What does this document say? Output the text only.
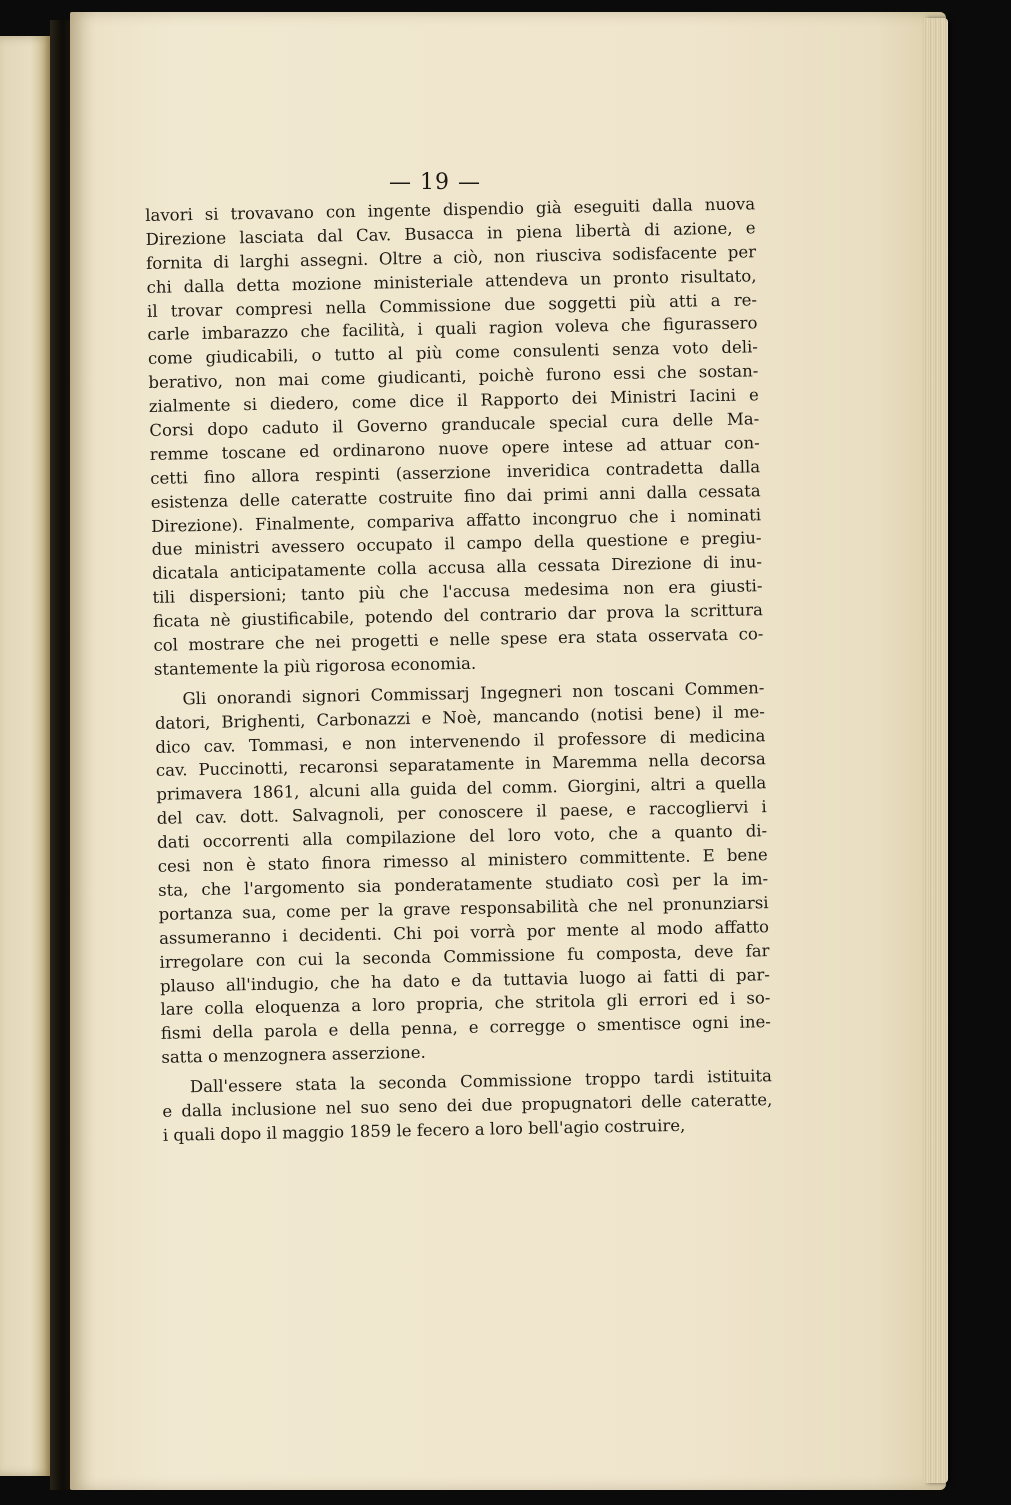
— 19 —
lavori si trovavano con ingente dispendio già eseguiti dalla nuova
Direzione lasciata dal Cav. Busacca in piena libertà di azione, e
fornita di larghi assegni. Oltre a ciò, non riusciva sodisfacente per
chi dalla detta mozione ministeriale attendeva un pronto risultato,
il trovar compresi nella Commissione due soggetti più atti a re-
carle imbarazzo che facilità, i quali ragion voleva che figurassero
come giudicabili, o tutto al più come consulenti senza voto deli-
berativo, non mai come giudicanti, poichè furono essi che sostan-
zialmente si diedero, come dice il Rapporto dei Ministri Iacini e
Corsi dopo caduto il Governo granducale special cura delle Ma-
remme toscane ed ordinarono nuove opere intese ad attuar con-
cetti fino allora respinti (asserzione inveridica contradetta dalla
esistenza delle cateratte costruite fino dai primi anni dalla cessata
Direzione). Finalmente, compariva affatto incongruo che i nominati
due ministri avessero occupato il campo della questione e pregiu-
dicatala anticipatamente colla accusa alla cessata Direzione di inu-
tili dispersioni; tanto più che l'accusa medesima non era giusti-
ficata nè giustificabile, potendo del contrario dar prova la scrittura
col mostrare che nei progetti e nelle spese era stata osservata co-
stantemente la più rigorosa economia.
Gli onorandi signori Commissarj Ingegneri non toscani Commen-
datori, Brighenti, Carbonazzi e Noè, mancando (notisi bene) il me-
dico cav. Tommasi, e non intervenendo il professore di medicina
cav. Puccinotti, recaronsi separatamente in Maremma nella decorsa
primavera 1861, alcuni alla guida del comm. Giorgini, altri a quella
del cav. dott. Salvagnoli, per conoscere il paese, e raccogliervi i
dati occorrenti alla compilazione del loro voto, che a quanto di-
cesi non è stato finora rimesso al ministero committente. E bene
sta, che l'argomento sia ponderatamente studiato così per la im-
portanza sua, come per la grave responsabilità che nel pronunziarsi
assumeranno i decidenti. Chi poi vorrà por mente al modo affatto
irregolare con cui la seconda Commissione fu composta, deve far
plauso all'indugio, che ha dato e da tuttavia luogo ai fatti di par-
lare colla eloquenza a loro propria, che stritola gli errori ed i so-
fismi della parola e della penna, e corregge o smentisce ogni ine-
satta o menzognera asserzione.
Dall'essere stata la seconda Commissione troppo tardi istituita
e dalla inclusione nel suo seno dei due propugnatori delle cateratte,
i quali dopo il maggio 1859 le fecero a loro bell'agio costruire,
